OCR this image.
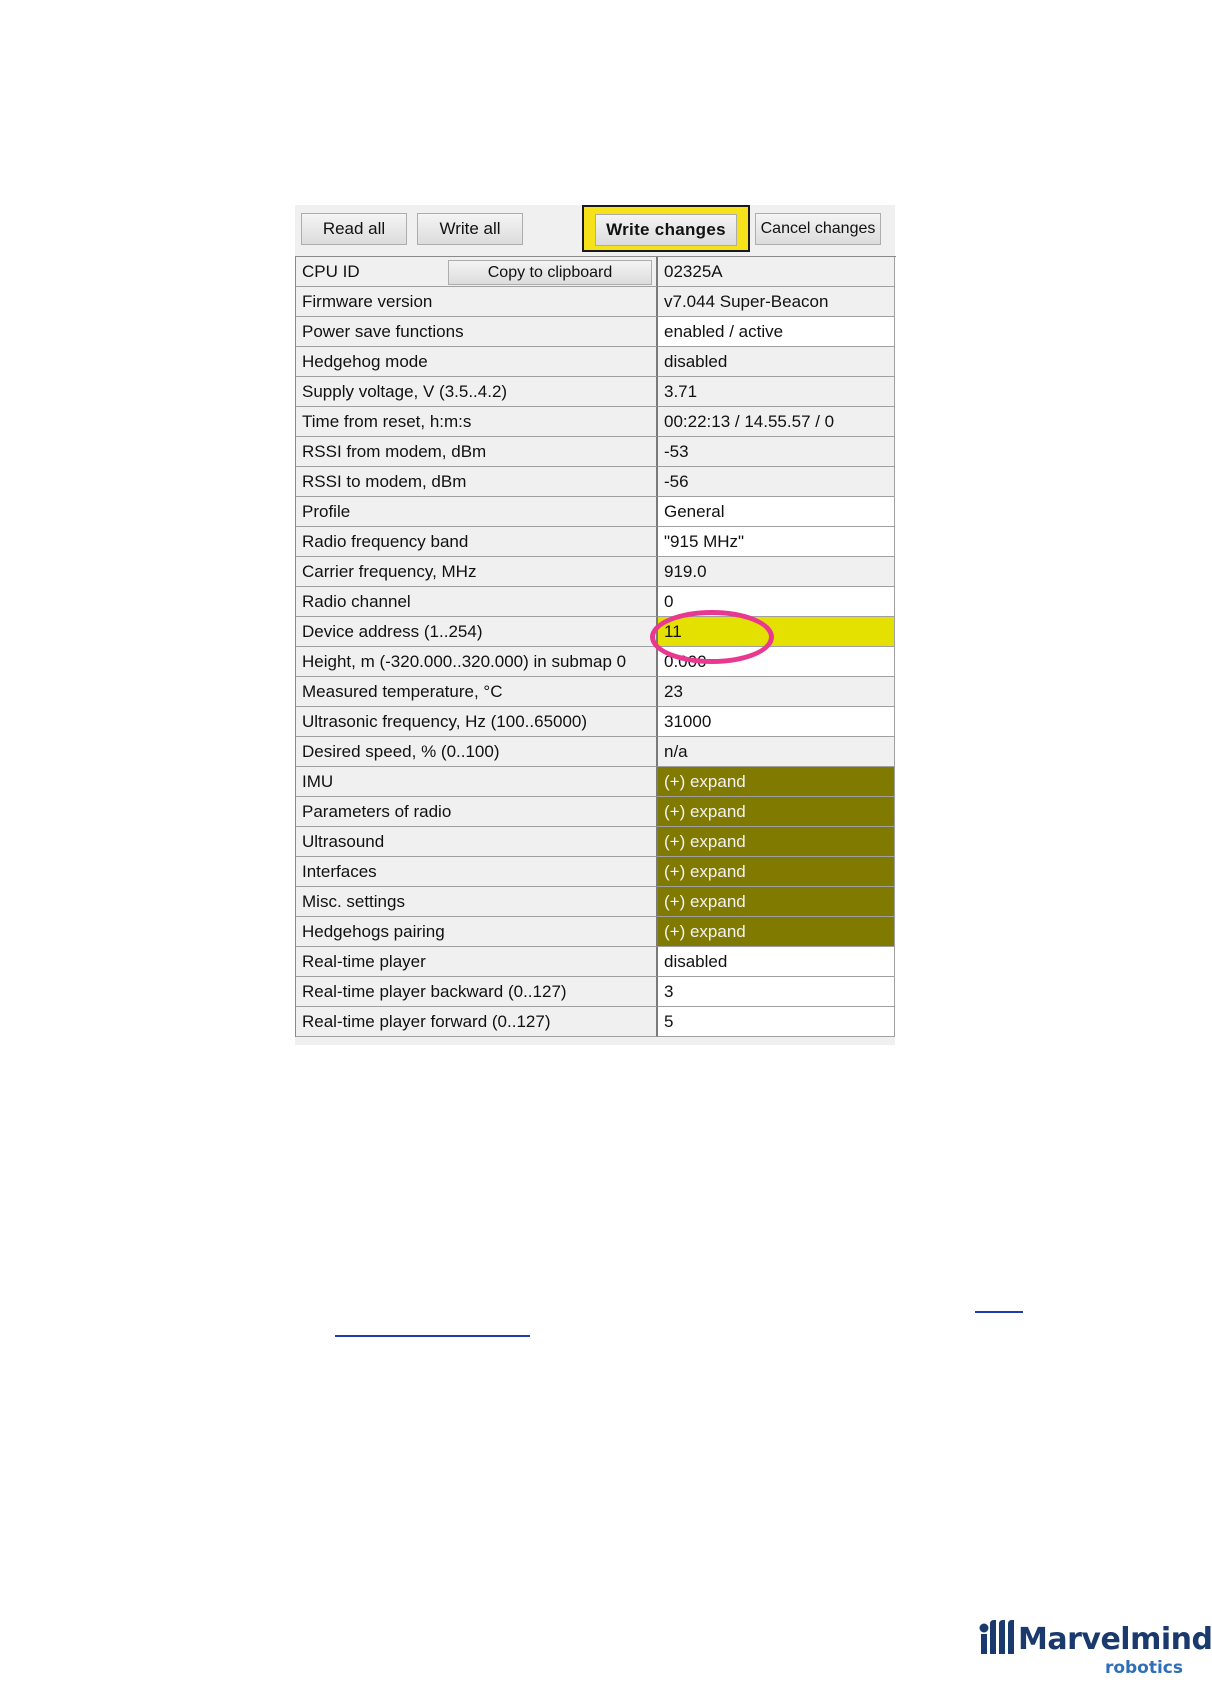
Read all	Write all	Write changes	Cancel changes
CPU ID	Copy to clipboard	02325A
Firmware version	v7.044 Super-Beacon
Power save functions	enabled / active
Hedgehog mode	disabled
Supply voltage, V (3.5..4.2)	3.71
Time from reset, h:m:s	00:22:13 / 14.55.57 / 0
RSSI from modem, dBm	-53
RSSI to modem, dBm	-56
Profile	General
Radio frequency band	"915 MHz"
Carrier frequency, MHz	919.0
Radio channel	0
Device address (1..254)	11
Height, m (-320.000..320.000) in submap 0	0.000
Measured temperature, °C	23
Ultrasonic frequency, Hz (100..65000)	31000
Desired speed, % (0..100)	n/a
IMU	(+) expand
Parameters of radio	(+) expand
Ultrasound	(+) expand
Interfaces	(+) expand
Misc. settings	(+) expand
Hedgehogs pairing	(+) expand
Real-time player	disabled
Real-time player backward (0..127)	3
Real-time player forward (0..127)	5
Marvelmind
robotics
